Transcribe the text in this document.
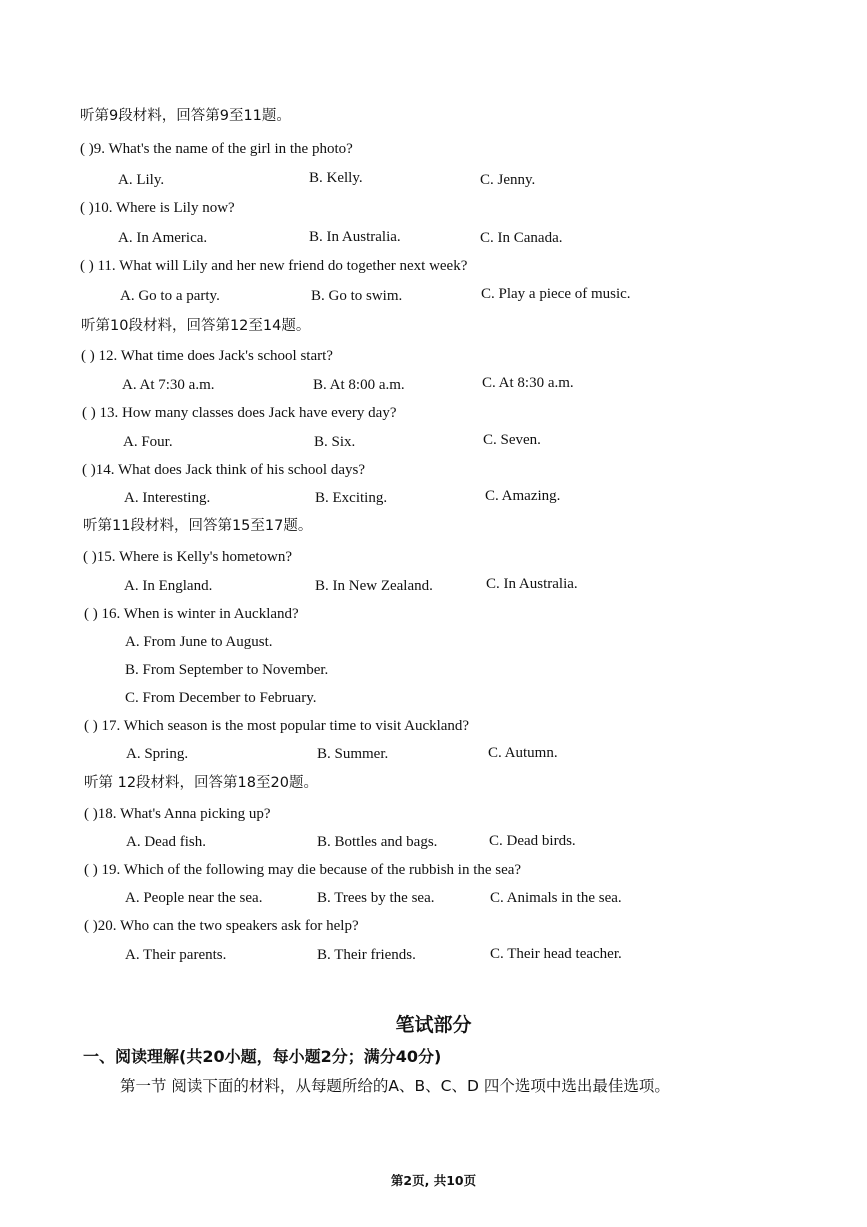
听第9段材料，回答第9至11题。
( )9. What's the name of the girl in the photo?
A. Lily.	B. Kelly.	C. Jenny.
( )10. Where is Lily now?
A. In America.	B. In Australia.	C. In Canada.
( ) 11. What will Lily and her new friend do together next week?
A. Go to a party.	B. Go to swim.	C. Play a piece of music.
听第10段材料，回答第12至14题。
( ) 12. What time does Jack's school start?
A. At 7:30 a.m.	B. At 8:00 a.m.	C. At 8:30 a.m.
( ) 13. How many classes does Jack have every day?
A. Four.	B. Six.	C. Seven.
( )14. What does Jack think of his school days?
A. Interesting.	B. Exciting.	C. Amazing.
听第11段材料，回答第15至17题。
( )15. Where is Kelly's hometown?
A. In England.	B. In New Zealand.	C. In Australia.
( ) 16. When is winter in Auckland?
A. From June to August.
B. From September to November.
C. From December to February.
( ) 17. Which season is the most popular time to visit Auckland?
A. Spring.	B. Summer.	C. Autumn.
听第 12段材料，回答第18至20题。
( )18. What's Anna picking up?
A. Dead fish.	B. Bottles and bags.	C. Dead birds.
( ) 19. Which of the following may die because of the rubbish in the sea?
A. People near the sea.	B. Trees by the sea.	C. Animals in the sea.
( )20. Who can the two speakers ask for help?
A. Their parents.	B. Their friends.	C. Their head teacher.
笔试部分
一、阅读理解(共20小题，每小题2分；满分40分)
第一节 阅读下面的材料，从每题所给的A、B、C、D 四个选项中选出最佳选项。
第2页, 共10页
